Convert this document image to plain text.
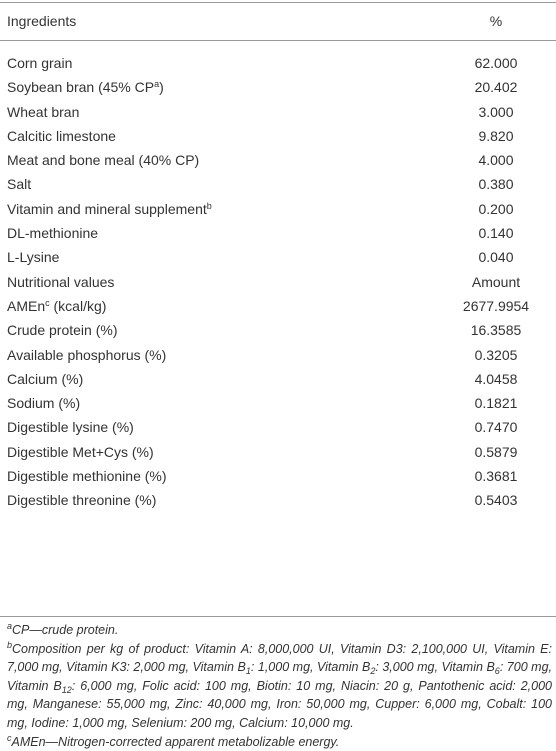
Ingredients	%
Corn grain	62.000
Soybean bran (45% $CP^a$)	20.402
Wheat bran	3.000
Calcitic limestone	9.820
Meat and bone meal (40% CP)	4.000
Salt	0.380
Vitamin and mineral supplement$^b$	0.200
DL-methionine	0.140
L-Lysine	0.040
Nutritional values	Amount
AMEn$^c$ (kcal/kg)	2677.9954
Crude protein (%)	16.3585
Available phosphorus (%)	0.3205
Calcium (%)	4.0458
Sodium (%)	0.1821
Digestible lysine (%)	0.7470
Digestible Met+Cys (%)	0.5879
Digestible methionine (%)	0.3681
Digestible threonine (%)	0.5403
$^a$CP—crude protein.
$^b$Composition per kg of product: Vitamin A: 8,000,000 UI, Vitamin D3: 2,100,000 UI, Vitamin E: 7,000 mg, Vitamin K3: 2,000 mg, Vitamin $B_1$: 1,000 mg, Vitamin $B_2$: 3,000 mg, Vitamin $B_6$: 700 mg, Vitamin $B_{12}$: 6,000 mg, Folic acid: 100 mg, Biotin: 10 mg, Niacin: 20 g, Pantothenic acid: 2,000 mg, Manganese: 55,000 mg, Zinc: 40,000 mg, Iron: 50,000 mg, Cupper: 6,000 mg, Cobalt: 100 mg, Iodine: 1,000 mg, Selenium: 200 mg, Calcium: 10,000 mg.
$^c$AMEn—Nitrogen-corrected apparent metabolizable energy.
